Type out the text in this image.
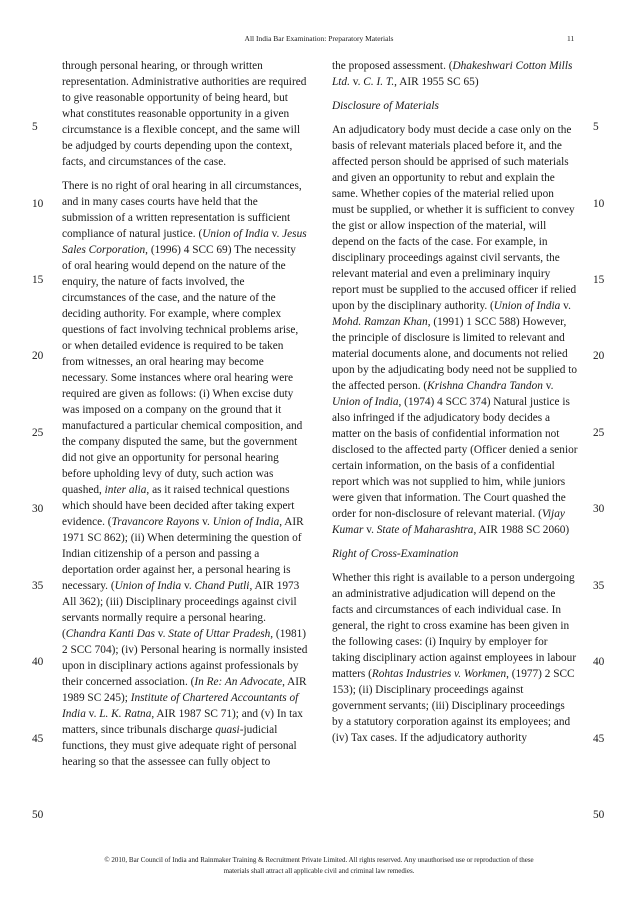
All India Bar Examination: Preparatory Materials	11
5
10
15
20
25
30
35
40
45
50
5
10
15
20
25
30
35
40
45
50

through personal hearing, or through written representation. Administrative authorities are required to give reasonable opportunity of being heard, but what constitutes reasonable opportunity in a given circumstance is a flexible concept, and the same will be adjudged by courts depending upon the context, facts, and circumstances of the case.

There is no right of oral hearing in all circumstances, and in many cases courts have held that the submission of a written representation is sufficient compliance of natural justice. (Union of India v. Jesus Sales Corporation, (1996) 4 SCC 69) The necessity of oral hearing would depend on the nature of the enquiry, the nature of facts involved, the circumstances of the case, and the nature of the deciding authority. For example, where complex questions of fact involving technical problems arise, or when detailed evidence is required to be taken from witnesses, an oral hearing may become necessary. Some instances where oral hearing were required are given as follows: (i) When excise duty was imposed on a company on the ground that it manufactured a particular chemical composition, and the company disputed the same, but the government did not give an opportunity for personal hearing before upholding levy of duty, such action was quashed, inter alia, as it raised technical questions which should have been decided after taking expert evidence. (Travancore Rayons v. Union of India, AIR 1971 SC 862); (ii) When determining the question of Indian citizenship of a person and passing a deportation order against her, a personal hearing is necessary. (Union of India v. Chand Putli, AIR 1973 All 362); (iii) Disciplinary proceedings against civil servants normally require a personal hearing. (Chandra Kanti Das v. State of Uttar Pradesh, (1981) 2 SCC 704); (iv) Personal hearing is normally insisted upon in disciplinary actions against professionals by their concerned association. (In Re: An Advocate, AIR 1989 SC 245); Institute of Chartered Accountants of India v. L. K. Ratna, AIR 1987 SC 71); and (v) In tax matters, since tribunals discharge quasi-judicial functions, they must give adequate right of personal hearing so that the assessee can fully object to

the proposed assessment. (Dhakeshwari Cotton Mills Ltd. v. C. I. T., AIR 1955 SC 65)

Disclosure of Materials

An adjudicatory body must decide a case only on the basis of relevant materials placed before it, and the affected person should be apprised of such materials and given an opportunity to rebut and explain the same. Whether copies of the material relied upon must be supplied, or whether it is sufficient to convey the gist or allow inspection of the material, will depend on the facts of the case. For example, in disciplinary proceedings against civil servants, the relevant material and even a preliminary inquiry report must be supplied to the accused officer if relied upon by the disciplinary authority. (Union of India v. Mohd. Ramzan Khan, (1991) 1 SCC 588) However, the principle of disclosure is limited to relevant and material documents alone, and documents not relied upon by the adjudicating body need not be supplied to the affected person. (Krishna Chandra Tandon v. Union of India, (1974) 4 SCC 374) Natural justice is also infringed if the adjudicatory body decides a matter on the basis of confidential information not disclosed to the affected party (Officer denied a senior certain information, on the basis of a confidential report which was not supplied to him, while juniors were given that information. The Court quashed the order for non-disclosure of relevant material. (Vijay Kumar v. State of Maharashtra, AIR 1988 SC 2060)

Right of Cross-Examination

Whether this right is available to a person undergoing an administrative adjudication will depend on the facts and circumstances of each individual case. In general, the right to cross examine has been given in the following cases: (i) Inquiry by employer for taking disciplinary action against employees in labour matters (Rohtas Industries v. Workmen, (1977) 2 SCC 153); (ii) Disciplinary proceedings against government servants; (iii) Disciplinary proceedings by a statutory corporation against its employees; and (iv) Tax cases. If the adjudicatory authority

© 2010, Bar Council of India and Rainmaker Training & Recruitment Private Limited. All rights reserved. Any unauthorised use or reproduction of these
materials shall attract all applicable civil and criminal law remedies.
